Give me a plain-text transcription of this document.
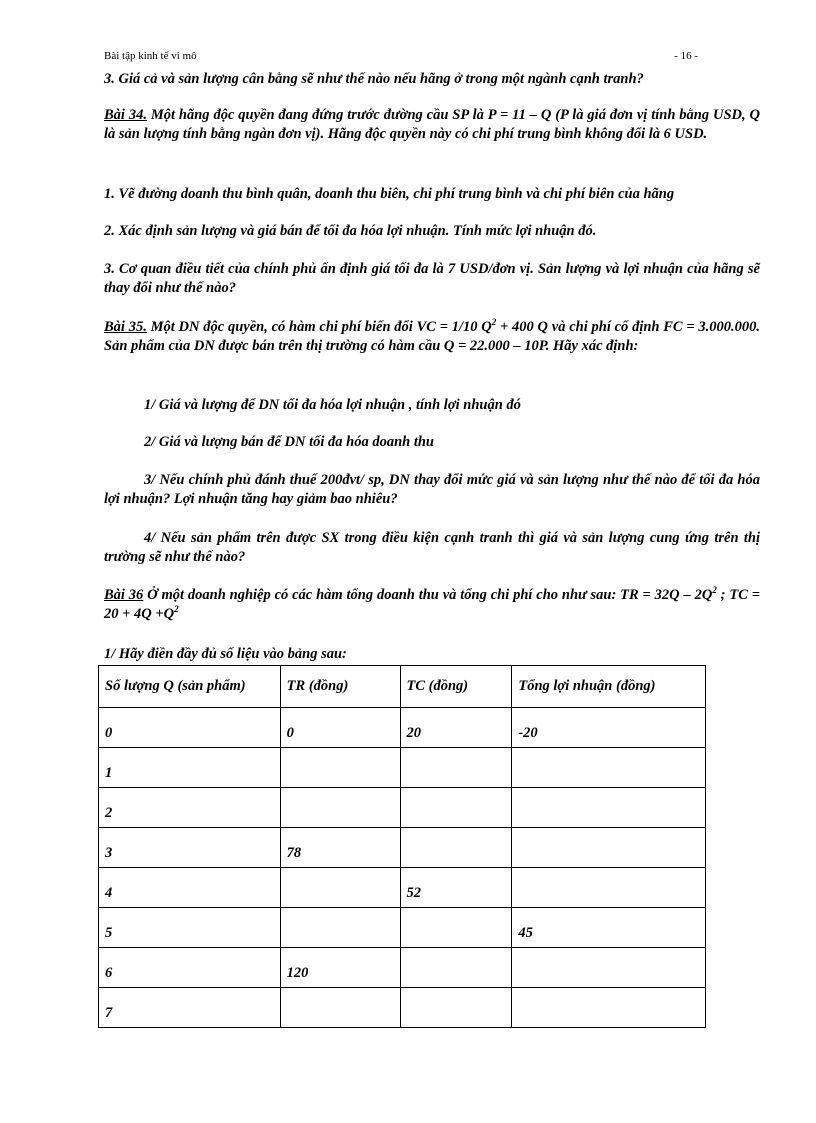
Bài tập kinh tế vi mô	- 16 -
3. Giá cả và sản lượng cân bằng sẽ như thế nào nếu hãng ở trong một ngành cạnh tranh?
Bài 34. Một hãng độc quyền đang đứng trước đường cầu SP là P = 11 – Q (P là giá đơn vị tính bằng USD, Q là sản lượng tính bằng ngàn đơn vị). Hãng độc quyền này có chi phí trung bình không đổi là 6 USD.
1. Vẽ đường doanh thu bình quân, doanh thu biên, chi phí trung bình và chi phí biên của hãng
2. Xác định sản lượng và giá bán để tối đa hóa lợi nhuận. Tính mức lợi nhuận đó.
3. Cơ quan điều tiết của chính phủ ấn định giá tối đa là 7 USD/đơn vị. Sản lượng và lợi nhuận của hãng sẽ thay đổi như thế nào?
Bài 35. Một DN độc quyền, có hàm chi phí biến đổi VC = 1/10 $Q^2 + 400$ Q và chi phí cố định FC = 3.000.000. Sản phẩm của DN được bán trên thị trường có hàm cầu Q = 22.000 – 10P. Hãy xác định:
1/ Giá và lượng để DN tối đa hóa lợi nhuận , tính lợi nhuận đó
2/ Giá và lượng bán để DN tối đa hóa doanh thu
3/ Nếu chính phủ đánh thuế 200đvt/ sp, DN thay đổi mức giá và sản lượng như thế nào để tối đa hóa lợi nhuận? Lợi nhuận tăng hay giảm bao nhiêu?
4/ Nếu sản phẩm trên được SX trong điều kiện cạnh tranh thì giá và sản lượng cung ứng trên thị trường sẽ như thế nào?
Bài 36 Ở một doanh nghiệp có các hàm tổng doanh thu và tổng chi phí cho như sau: TR = $32Q - 2Q^2$ ; TC = $20 + 4Q +Q^2$
1/ Hãy điền đầy đủ số liệu vào bảng sau:
Số lượng Q (sản phẩm)	TR (đồng)	TC (đồng)	Tổng lợi nhuận (đồng)
0	0	20	-20
1			
2			
3	78		
4		52	
5			45
6	120		
7			
